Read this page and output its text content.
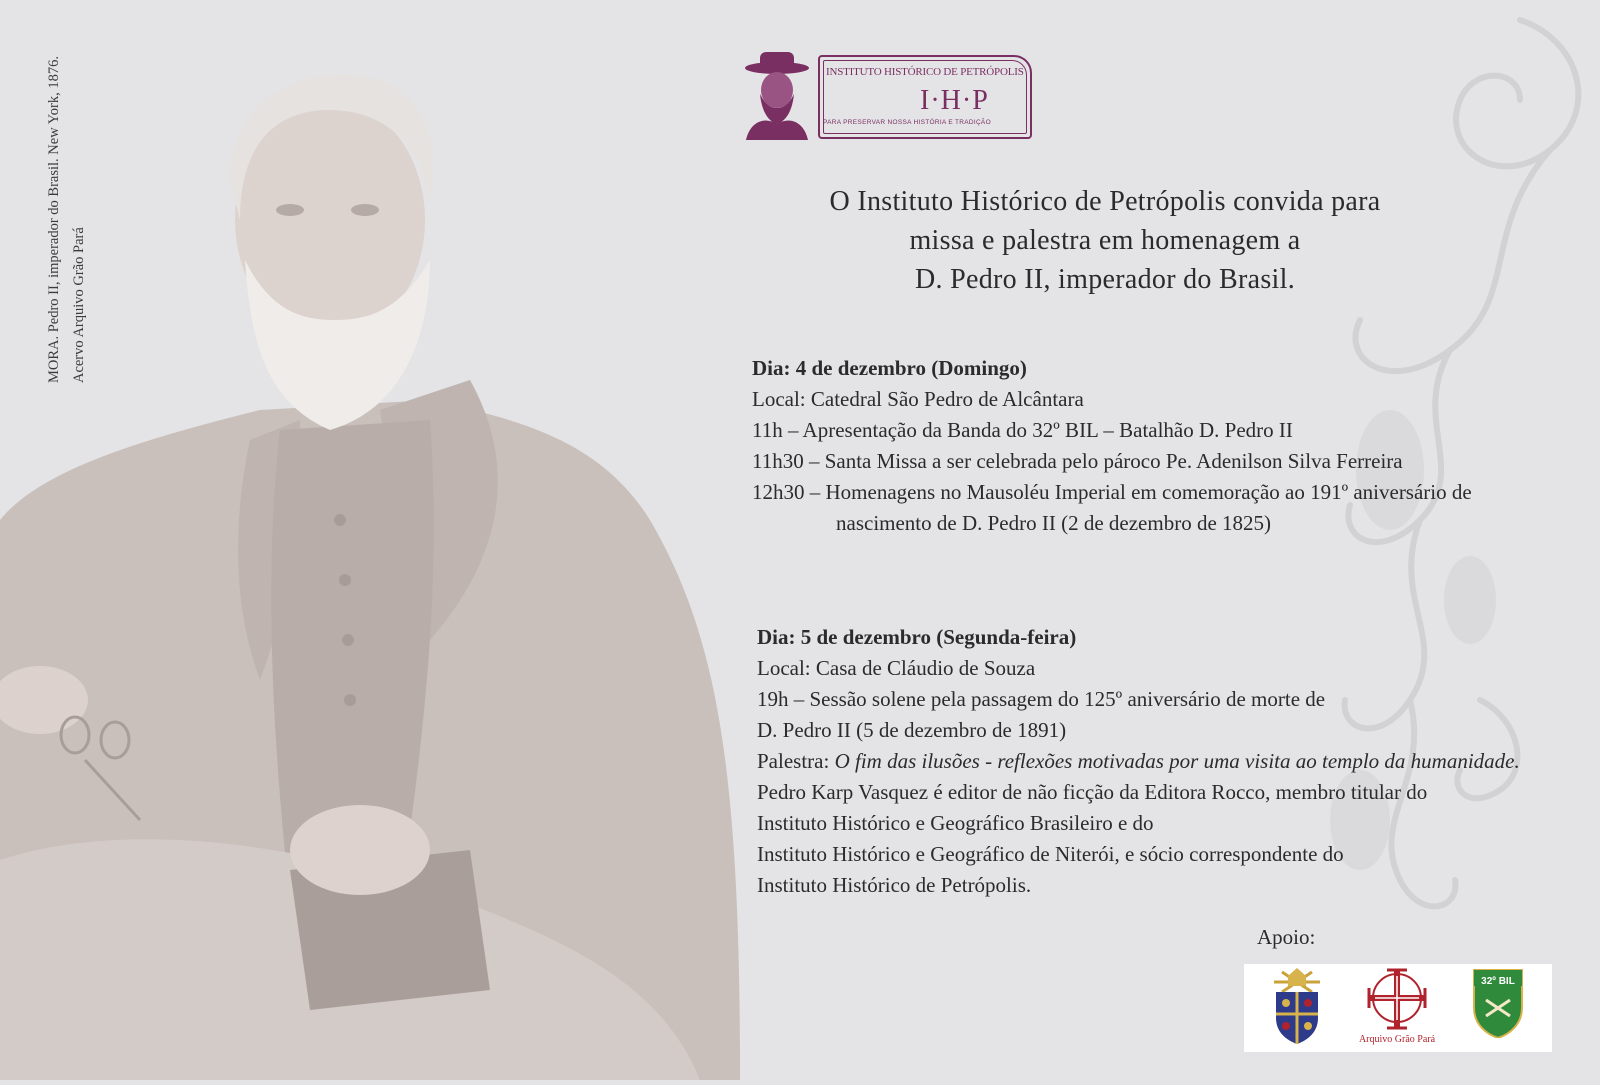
MORA. Pedro II, imperador do Brasil. New York, 1876. Acervo Arquivo Grão Pará
INSTITUTO HISTÓRICO DE PETRÓPOLIS
I·H·P
PARA PRESERVAR NOSSA HISTÓRIA E TRADIÇÃO
O Instituto Histórico de Petrópolis convida para
missa e palestra em homenagem a
D. Pedro II, imperador do Brasil.

Dia: 4 de dezembro (Domingo)

Local: Catedral São Pedro de Alcântara

11h – Apresentação da Banda do 32º BIL – Batalhão D. Pedro II

11h30 – Santa Missa a ser celebrada pelo pároco Pe. Adenilson Silva Ferreira

12h30 – Homenagens no Mausoléu Imperial em comemoração ao 191º aniversário de

nascimento de D. Pedro II (2 de dezembro de 1825)

Dia: 5 de dezembro (Segunda-feira)

Local: Casa de Cláudio de Souza

19h – Sessão solene pela passagem do 125º aniversário de morte de

D. Pedro II (5 de dezembro de 1891)

Palestra: O fim das ilusões - reflexões motivadas por uma visita ao templo da humanidade.

Pedro Karp Vasquez é editor de não ficção da Editora Rocco, membro titular do

Instituto Histórico e Geográfico Brasileiro e do

Instituto Histórico e Geográfico de Niterói, e sócio correspondente do

Instituto Histórico de Petrópolis.

Apoio:
Arquivo Grão Pará
32º BIL
